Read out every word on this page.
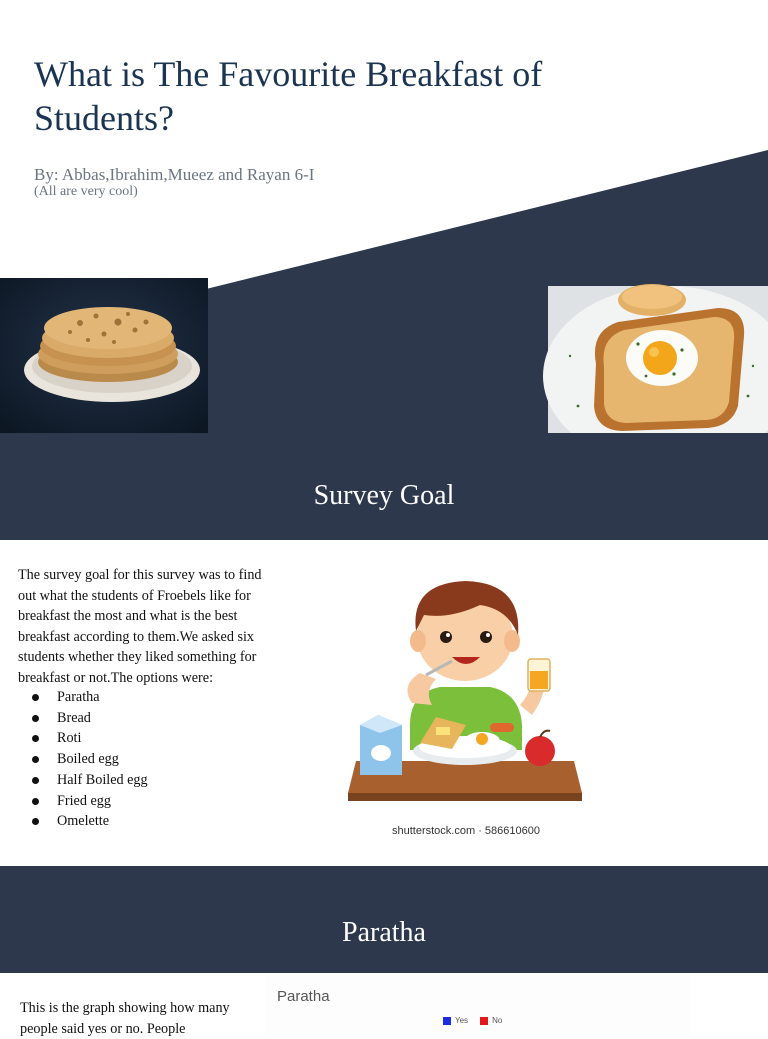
What is The Favourite Breakfast of Students?
By: Abbas,Ibrahim,Mueez and Rayan 6-I
(All are very cool)
Survey Goal

The survey goal for this survey was to find out what the students of Froebels like for breakfast the most and what is the best breakfast according to them.We asked six students whether they liked something for breakfast or not.The options were:

Paratha
Bread
Roti
Boiled egg
Half Boiled egg
Fried egg
Omelette
shutterstock.com · 586610600
Paratha

This is the graph showing how many people said yes or no. People

Paratha
Yes	No
